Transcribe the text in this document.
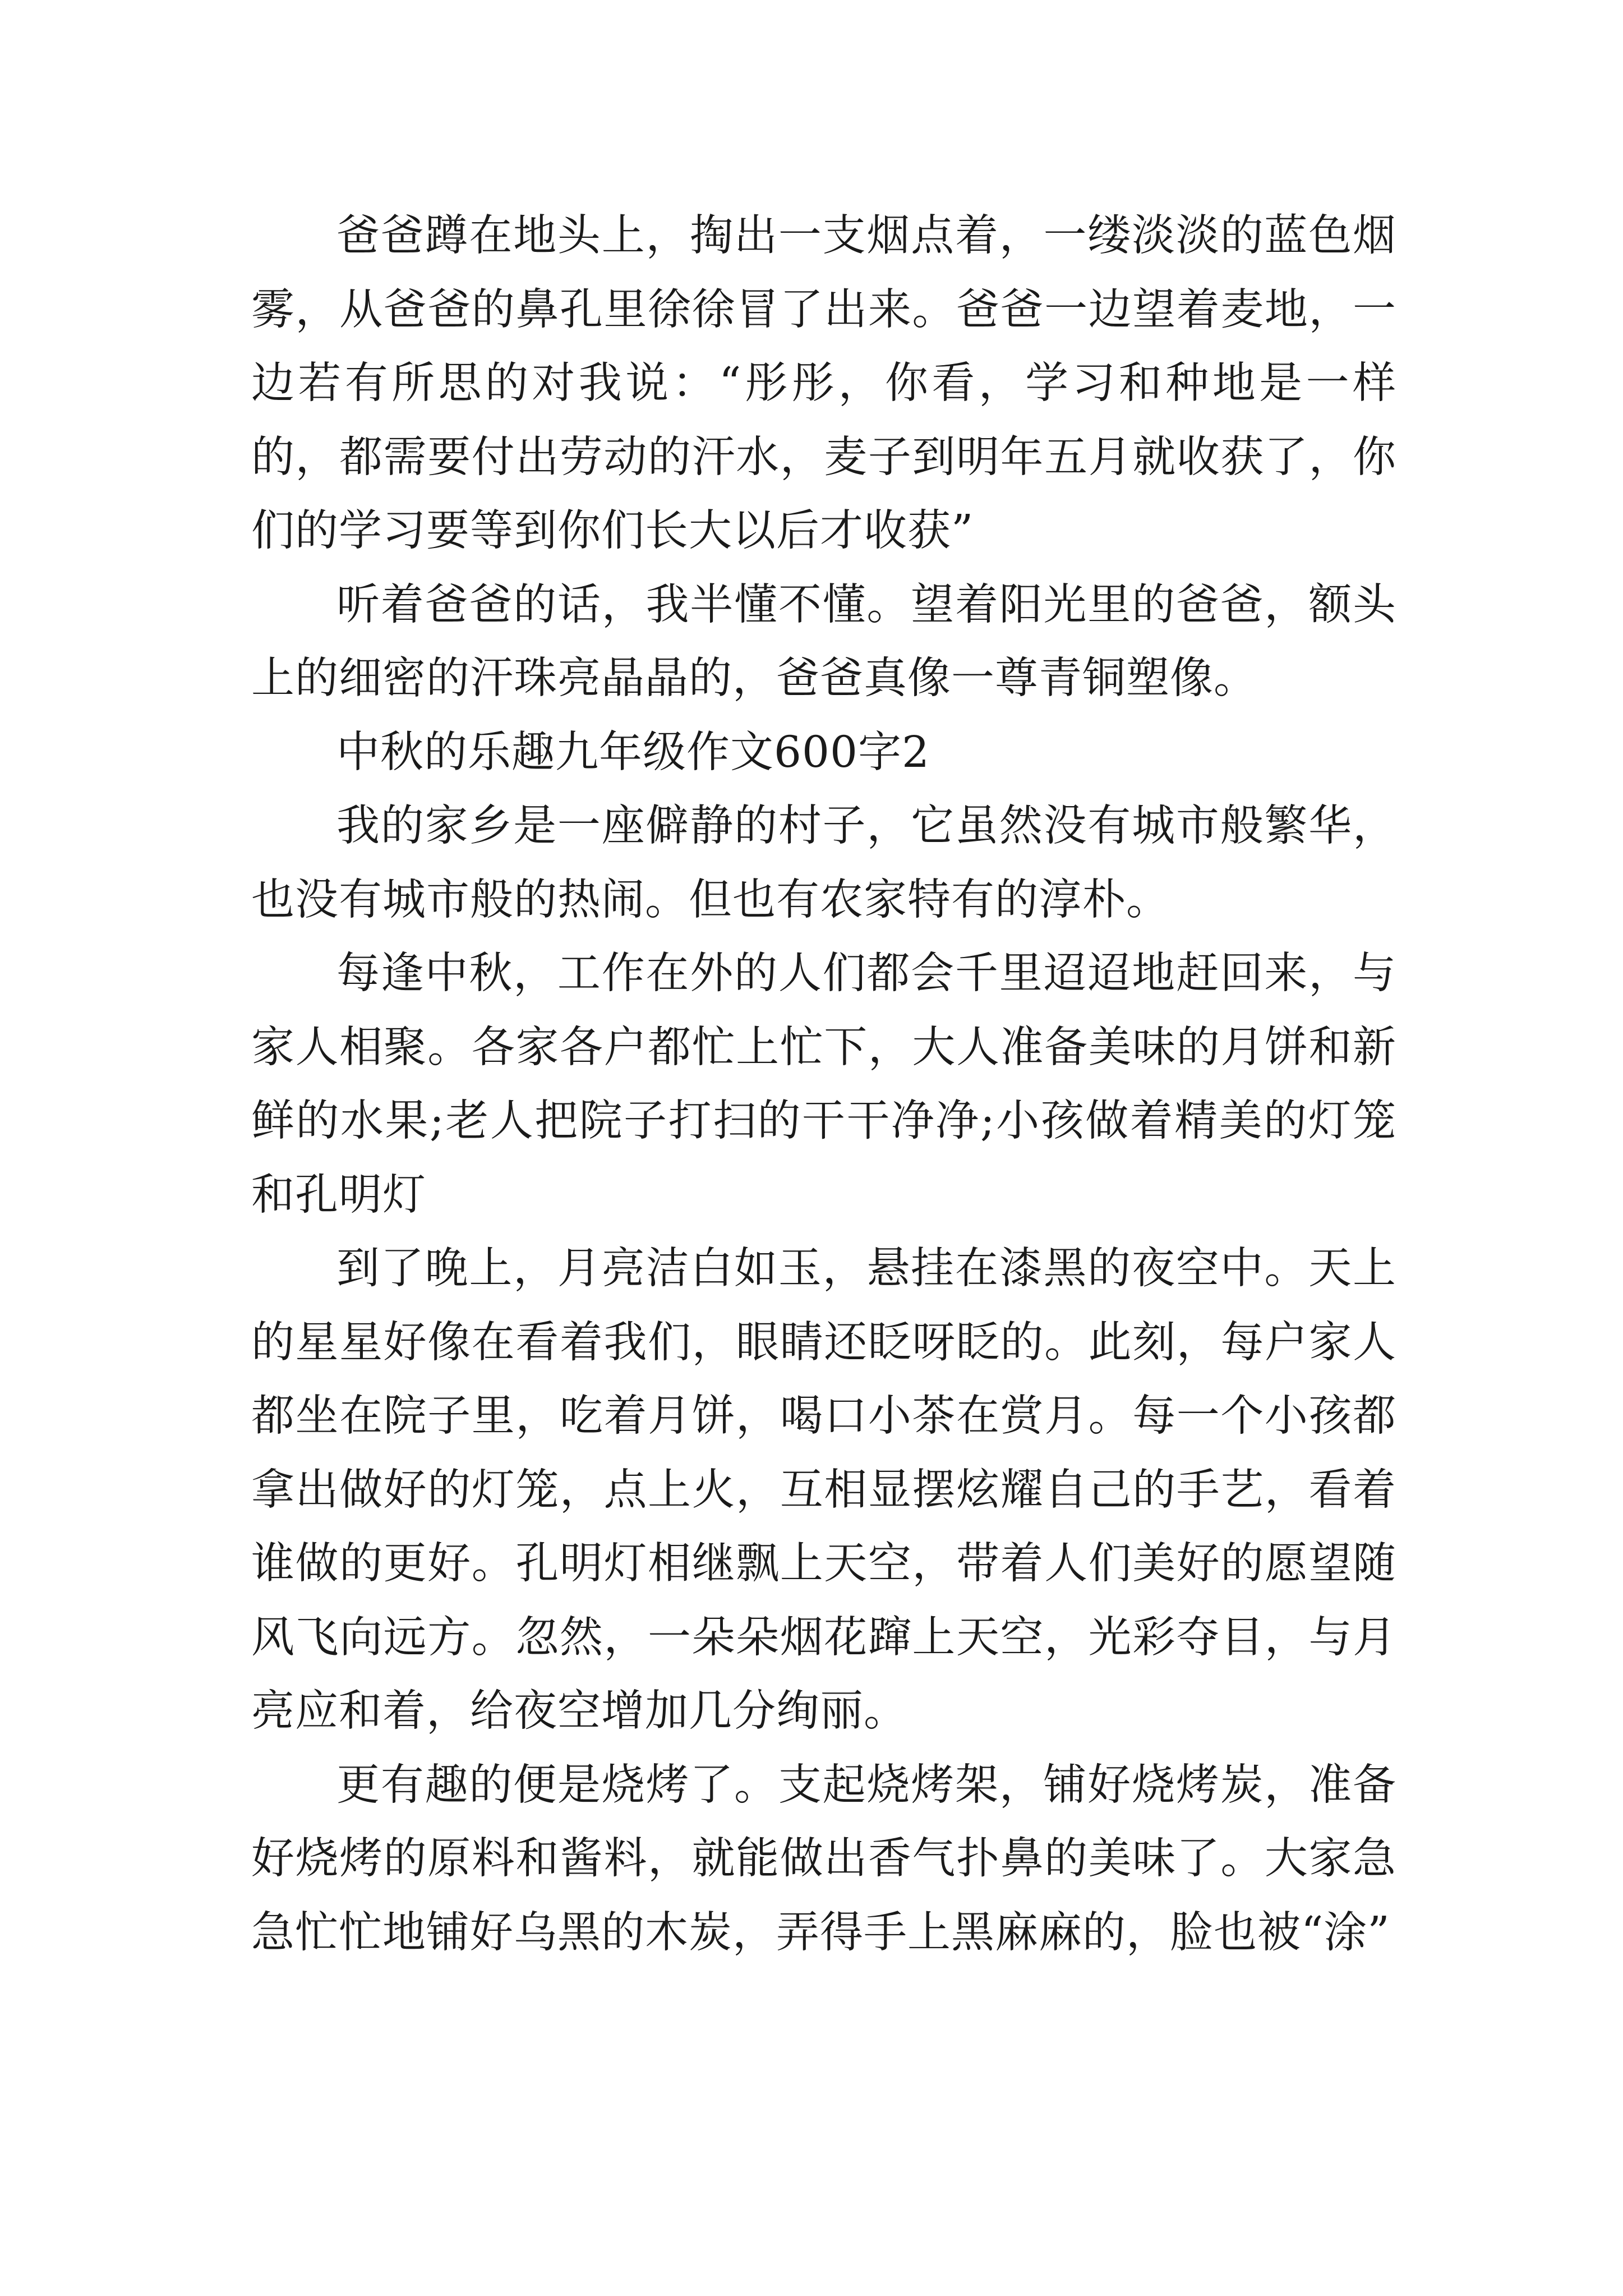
爸爸蹲在地头上，掏出一支烟点着，一缕淡淡的蓝色烟雾，从爸爸的鼻孔里徐徐冒了出来。爸爸一边望着麦地，一边若有所思的对我说：“彤彤，你看，学习和种地是一样的，都需要付出劳动的汗水，麦子到明年五月就收获了，你们的学习要等到你们长大以后才收获”

听着爸爸的话，我半懂不懂。望着阳光里的爸爸，额头上的细密的汗珠亮晶晶的，爸爸真像一尊青铜塑像。

中秋的乐趣九年级作文600字2

我的家乡是一座僻静的村子，它虽然没有城市般繁华，也没有城市般的热闹。但也有农家特有的淳朴。

每逢中秋，工作在外的人们都会千里迢迢地赶回来，与家人相聚。各家各户都忙上忙下，大人准备美味的月饼和新鲜的水果;老人把院子打扫的干干净净;小孩做着精美的灯笼和孔明灯

到了晚上，月亮洁白如玉，悬挂在漆黑的夜空中。天上的星星好像在看着我们，眼睛还眨呀眨的。此刻，每户家人都坐在院子里，吃着月饼，喝口小茶在赏月。每一个小孩都拿出做好的灯笼，点上火，互相显摆炫耀自己的手艺，看着谁做的更好。孔明灯相继飘上天空，带着人们美好的愿望随风飞向远方。忽然，一朵朵烟花蹿上天空，光彩夺目，与月亮应和着，给夜空增加几分绚丽。

更有趣的便是烧烤了。支起烧烤架，铺好烧烤炭，准备好烧烤的原料和酱料，就能做出香气扑鼻的美味了。大家急急忙忙地铺好乌黑的木炭，弄得手上黑麻麻的，脸也被“涂”
